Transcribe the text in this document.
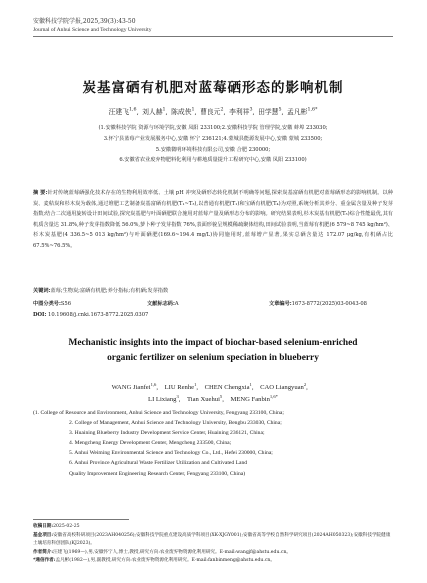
安徽科技学院学报,2025,39(3):43-50
Journal of Anhui Science and Technology University
炭基富硒有机肥对蓝莓硒形态的影响机制
汪建飞$^{1,6}$, 刘人赫$^1$, 陈成侠$^1$, 曹良元$^2$, 李利祥$^3$, 田学慧$^5$, 孟凡彬$^{1,6*}$
(1.安徽科技学院 资源与环境学院,安徽 凤阳 233100;2.安徽科技学院 管理学院,安徽 蚌埠 233030;
3.怀宁县蓝莓产业发展服务中心,安徽 怀宁 236121;4.蒙城县能源发展中心,安徽 蒙城 233500;
5.安徽微明环境科技有限公司,安徽 合肥 230000;
6.安徽省农业废弃物肥料化利用与耕地质量提升工程研究中心,安徽 凤阳 233100)
摘 要:针对传统蓝莓硒强化技术存在的生物利用效率低、土壤 pH 冲突及硒形态转化机制不明确等问题,探索炭基富硒有机肥对蓝莓硒形态的影响机制。以种炭、麦秸炭和杉木炭为载体,通过堆肥工艺制备炭基富硒有机肥(T₁~T₃),以普通有机肥(T₁)和宝硒有机肥(T₄)为对照,系统分析其养分、重金属含量及种子发芽指数;结合二次通用旋转设计田间试验,探究炭基肥与叶面硒肥联合施用对蓝莓产量及硒形态分布的影响。研究结果表明,杉木炭基有机肥(T₃)综合性能最优,其有机质含量达 31.8%,种子发芽指数降低 56.0%,萝卜种子发芽指数 76%,表面形貌呈规模稀疏聚体结构,田间试验表明,当蓝莓有机肥(6 579~8 745 kg/hm²)、杉木炭基肥(4 336.5~5 013 kg/hm²)与叶面硒肥(169.6~194.4 mg/L)协同施用时,蓝莓增产显著,果实总硒含量达 172.07 μg/kg,有机硒占比 67.5%~76.5%。
关键词:蓝莓;生物炭;富硒有机肥;养分指标;有机硒;发芽指数
中图分类号:S56	文献标志码:A	文章编号:1673-8772(2025)03-0043-08
DOI: 10.19608/j.cnki.1673-8772.2025.0307
Mechanistic insights into the impact of biochar-based selenium-enriched
organic fertilizer on selenium speciation in blueberry
WANG Jianfei$^{1,6}$, LIU Renhe$^1$, CHEN Chengxia$^1$, CAO Liangyuan$^2$, 
LI Lixiang$^3$, Tian Xuehui$^5$, MENG Fanbin$^{1,6*}$
(1. College of Resource and Environment, Anhui Science and Technology University, Fengyang 233100, China;
2. College of Management, Anhui Science and Technology University, Bengbu 233030, China;
3. Huaining Blueberry Industry Development Service Center, Huaining 236121, China;
4. Mengcheng Energy Development Center, Mengcheng 233500, China;
5. Anhui Weiming Environmental Science and Technology Co., Ltd., Hefei 230000, China;
6. Anhui Province Agricultural Waste Fertilizer Utilization and Cultivated Land
Quality Improvement Engineering Research Center, Fengyang 233100, China)
收稿日期:2025-02-25
基金项目:安徽省高校科研项目(2023AH040256);安徽科技学院重点建设高质学科项目(XK-XJGY001);安徽省高等学校自然科学研究项目(2024AH050323);安徽科技学院健康土壤培育科创团队(KJ2023)。
作者简介:汪建飞(1969—),男,安徽怀宁人,博士,教授,研究方向:农业废弃物资源化利用研究。E-mail:wangjf@ahstu.edu.cn。
*通信作者:孟凡彬(1982—),男,副教授,研究方向:农业废弃物资源化利用研究。E-mail:fanbinmeng@ahstu.edu.cn。
